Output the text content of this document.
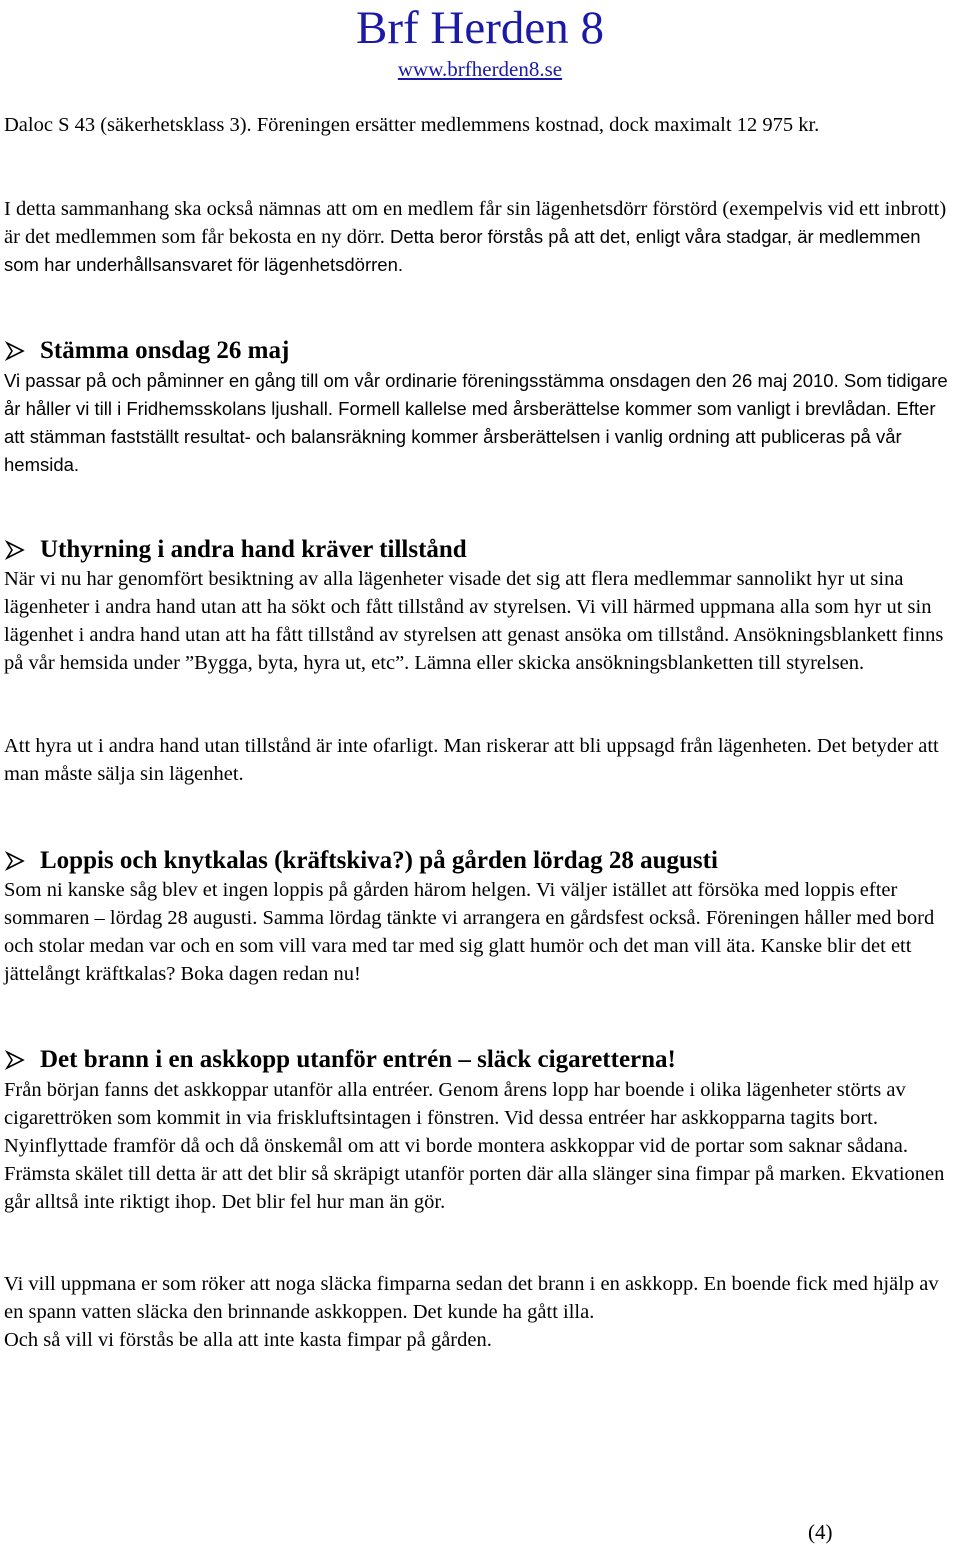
Brf Herden 8
www.brfherden8.se

Daloc S 43 (säkerhetsklass 3). Föreningen ersätter medlemmens kostnad, dock maximalt 12 975 kr.

I detta sammanhang ska också nämnas att om en medlem får sin lägenhetsdörr förstörd (exempelvis vid ett inbrott) är det medlemmen som får bekosta en ny dörr. Detta beror förstås på att det, enligt våra stadgar, är medlemmen som har underhållsansvaret för lägenhetsdörren.

Stämma onsdag 26 maj

Vi passar på och påminner en gång till om vår ordinarie föreningsstämma onsdagen den 26 maj 2010. Som tidigare år håller vi till i Fridhemsskolans ljushall. Formell kallelse med årsberättelse kommer som vanligt i brevlådan. Efter att stämman fastställt resultat- och balansräkning kommer årsberättelsen i vanlig ordning att publiceras på vår hemsida.

Uthyrning i andra hand kräver tillstånd

När vi nu har genomfört besiktning av alla lägenheter visade det sig att flera medlemmar sannolikt hyr ut sina lägenheter i andra hand utan att ha sökt och fått tillstånd av styrelsen. Vi vill härmed uppmana alla som hyr ut sin lägenhet i andra hand utan att ha fått tillstånd av styrelsen att genast ansöka om tillstånd. Ansökningsblankett finns på vår hemsida under ”Bygga, byta, hyra ut, etc”. Lämna eller skicka ansökningsblanketten till styrelsen.

Att hyra ut i andra hand utan tillstånd är inte ofarligt. Man riskerar att bli uppsagd från lägenheten. Det betyder att man måste sälja sin lägenhet.

Loppis och knytkalas (kräftskiva?) på gården lördag 28 augusti

Som ni kanske såg blev et ingen loppis på gården härom helgen. Vi väljer istället att försöka med loppis efter sommaren – lördag 28 augusti. Samma lördag tänkte vi arrangera en gårdsfest också. Föreningen håller med bord och stolar medan var och en som vill vara med tar med sig glatt humör och det man vill äta. Kanske blir det ett jättelångt kräftkalas? Boka dagen redan nu!

Det brann i en askkopp utanför entrén – släck cigaretterna!

Från början fanns det askkoppar utanför alla entréer. Genom årens lopp har boende i olika lägenheter störts av cigarettröken som kommit in via friskluftsintagen i fönstren. Vid dessa entréer har askkopparna tagits bort. Nyinflyttade framför då och då önskemål om att vi borde montera askkoppar vid de portar som saknar sådana. Främsta skälet till detta är att det blir så skräpigt utanför porten där alla slänger sina fimpar på marken. Ekvationen går alltså inte riktigt ihop. Det blir fel hur man än gör.

Vi vill uppmana er som röker att noga släcka fimparna sedan det brann i en askkopp. En boende fick med hjälp av en spann vatten släcka den brinnande askkoppen. Det kunde ha gått illa.

Och så vill vi förstås be alla att inte kasta fimpar på gården.

(4)
